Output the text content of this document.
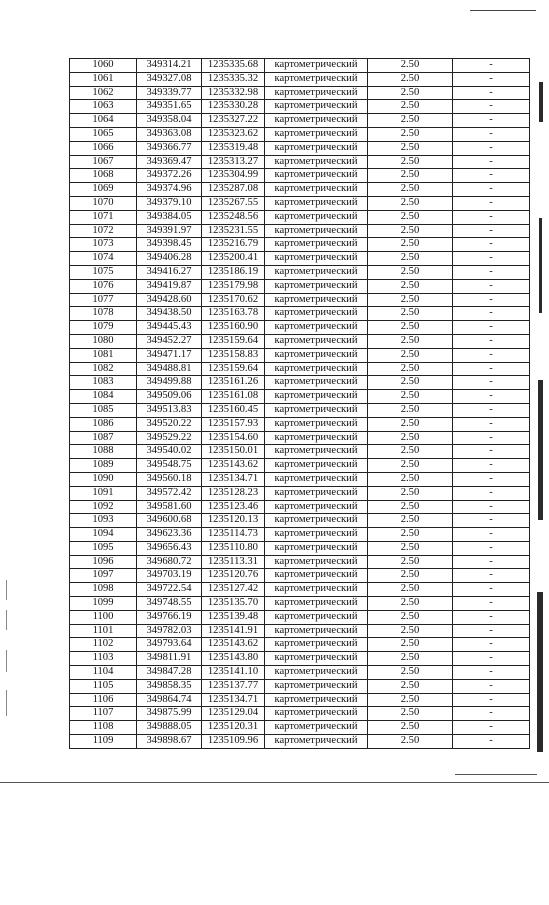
1060	349314.21	1235335.68	картометрический	2.50	-
1061	349327.08	1235335.32	картометрический	2.50	-
1062	349339.77	1235332.98	картометрический	2.50	-
1063	349351.65	1235330.28	картометрический	2.50	-
1064	349358.04	1235327.22	картометрический	2.50	-
1065	349363.08	1235323.62	картометрический	2.50	-
1066	349366.77	1235319.48	картометрический	2.50	-
1067	349369.47	1235313.27	картометрический	2.50	-
1068	349372.26	1235304.99	картометрический	2.50	-
1069	349374.96	1235287.08	картометрический	2.50	-
1070	349379.10	1235267.55	картометрический	2.50	-
1071	349384.05	1235248.56	картометрический	2.50	-
1072	349391.97	1235231.55	картометрический	2.50	-
1073	349398.45	1235216.79	картометрический	2.50	-
1074	349406.28	1235200.41	картометрический	2.50	-
1075	349416.27	1235186.19	картометрический	2.50	-
1076	349419.87	1235179.98	картометрический	2.50	-
1077	349428.60	1235170.62	картометрический	2.50	-
1078	349438.50	1235163.78	картометрический	2.50	-
1079	349445.43	1235160.90	картометрический	2.50	-
1080	349452.27	1235159.64	картометрический	2.50	-
1081	349471.17	1235158.83	картометрический	2.50	-
1082	349488.81	1235159.64	картометрический	2.50	-
1083	349499.88	1235161.26	картометрический	2.50	-
1084	349509.06	1235161.08	картометрический	2.50	-
1085	349513.83	1235160.45	картометрический	2.50	-
1086	349520.22	1235157.93	картометрический	2.50	-
1087	349529.22	1235154.60	картометрический	2.50	-
1088	349540.02	1235150.01	картометрический	2.50	-
1089	349548.75	1235143.62	картометрический	2.50	-
1090	349560.18	1235134.71	картометрический	2.50	-
1091	349572.42	1235128.23	картометрический	2.50	-
1092	349581.60	1235123.46	картометрический	2.50	-
1093	349600.68	1235120.13	картометрический	2.50	-
1094	349623.36	1235114.73	картометрический	2.50	-
1095	349656.43	1235110.80	картометрический	2.50	-
1096	349680.72	1235113.31	картометрический	2.50	-
1097	349703.19	1235120.76	картометрический	2.50	-
1098	349722.54	1235127.42	картометрический	2.50	-
1099	349748.55	1235135.70	картометрический	2.50	-
1100	349766.19	1235139.48	картометрический	2.50	-
1101	349782.03	1235141.91	картометрический	2.50	-
1102	349793.64	1235143.62	картометрический	2.50	-
1103	349811.91	1235143.80	картометрический	2.50	-
1104	349847.28	1235141.10	картометрический	2.50	-
1105	349858.35	1235137.77	картометрический	2.50	-
1106	349864.74	1235134.71	картометрический	2.50	-
1107	349875.99	1235129.04	картометрический	2.50	-
1108	349888.05	1235120.31	картометрический	2.50	-
1109	349898.67	1235109.96	картометрический	2.50	-
